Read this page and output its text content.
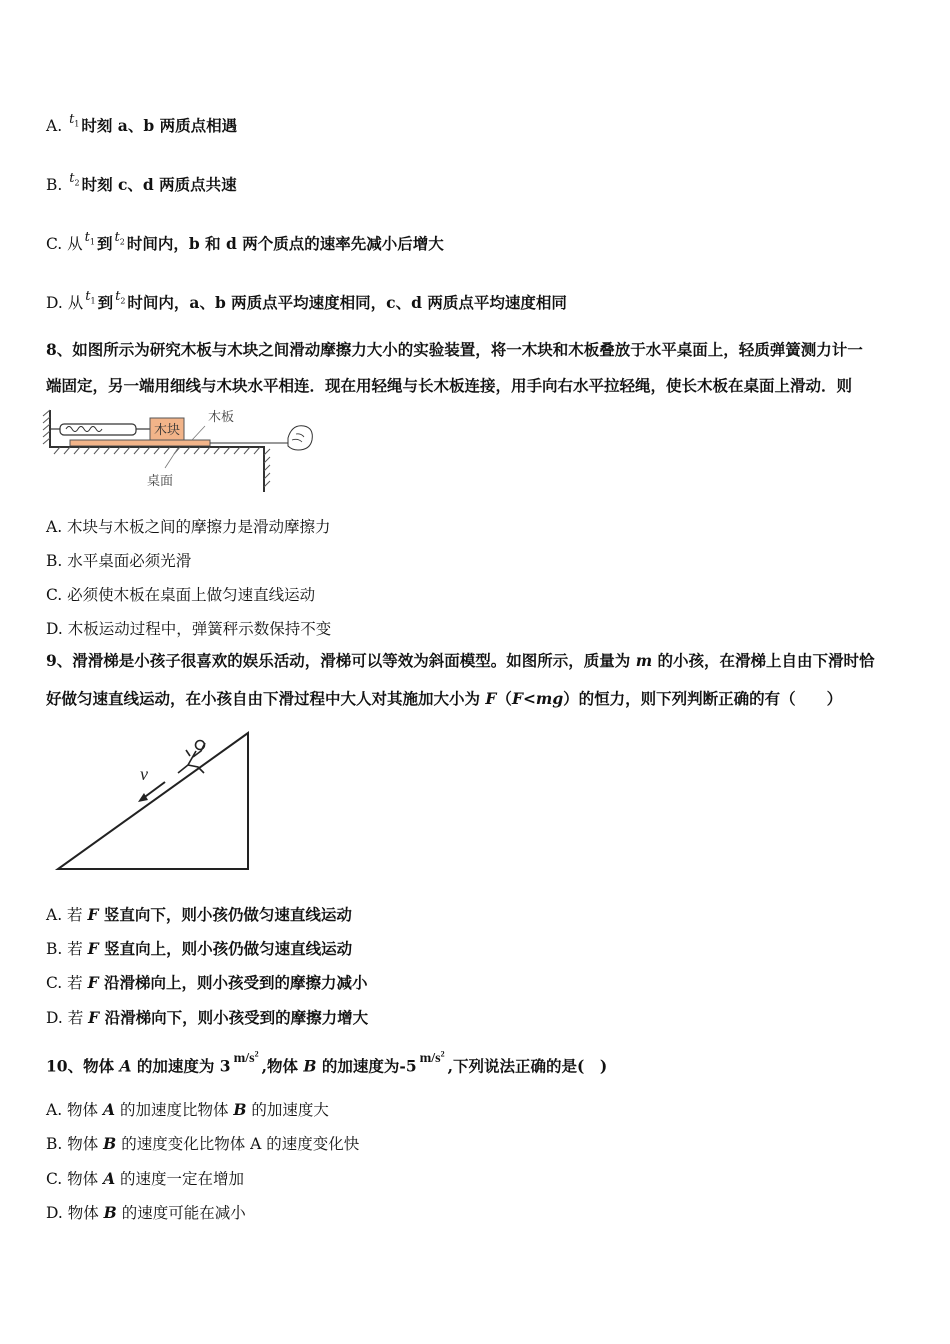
A. $^{t_1}$ 时刻 a、b 两质点相遇
B. $^{t_2}$ 时刻 c、d 两质点共速
C. 从 $^{t_1}$ 到 $^{t_2}$ 时间内，b 和 d 两个质点的速率先减小后增大
D. 从 $^{t_1}$ 到 $^{t_2}$ 时间内，a、b 两质点平均速度相同，c、d 两质点平均速度相同
8、如图所示为研究木板与木块之间滑动摩擦力大小的实验装置，将一木块和木板叠放于水平桌面上，轻质弹簧测力计一
端固定，另一端用细线与木块水平相连．现在用轻绳与长木板连接，用手向右水平拉轻绳，使长木板在桌面上滑动．则
木块
木板
桌面
A. 木块与木板之间的摩擦力是滑动摩擦力
B. 水平桌面必须光滑
C. 必须使木板在桌面上做匀速直线运动
D. 木板运动过程中，弹簧秤示数保持不变
9、滑滑梯是小孩子很喜欢的娱乐活动，滑梯可以等效为斜面模型。如图所示，质量为 m 的小孩，在滑梯上自由下滑时恰
好做匀速直线运动，在小孩自由下滑过程中大人对其施加大小为 F（F<mg）的恒力，则下列判断正确的有（　　）
v
A. 若 F 竖直向下，则小孩仍做匀速直线运动
B. 若 F 竖直向上，则小孩仍做匀速直线运动
C. 若 F 沿滑梯向上，则小孩受到的摩擦力减小
D. 若 F 沿滑梯向下，则小孩受到的摩擦力增大
10、物体 A 的加速度为 3 $m/s^2$,物体 B 的加速度为-5 $m/s^2$,下列说法正确的是(　)
A. 物体 A 的加速度比物体 B 的加速度大
B. 物体 B 的速度变化比物体 A 的速度变化快
C. 物体 A 的速度一定在增加
D. 物体 B 的速度可能在减小
